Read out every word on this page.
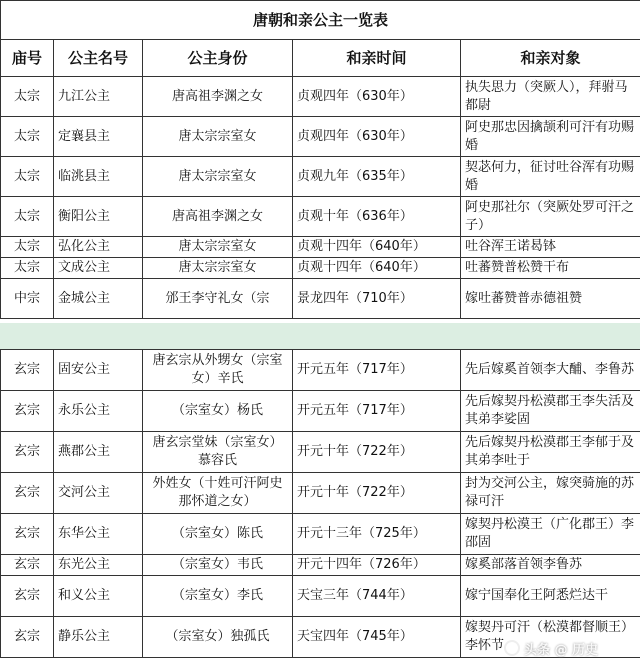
唐朝和亲公主一览表				
庙号	公主名号	公主身份	和亲时间	和亲对象
太宗	九江公主	唐高祖李渊之女	贞观四年（630年）	执失思力（突厥人），拜驸马都尉
太宗	定襄县主	唐太宗宗室女	贞观四年（630年）	阿史那忠因擒颉利可汗有功赐婚
太宗	临洮县主	唐太宗宗室女	贞观九年（635年）	契苾何力，征讨吐谷浑有功赐婚
太宗	衡阳公主	唐高祖李渊之女	贞观十年（636年）	阿史那社尔（突厥处罗可汗之子）
太宗	弘化公主	唐太宗宗室女	贞观十四年（640年）	吐谷浑王诺曷钵
太宗	文成公主	唐太宗宗室女	贞观十四年（640年）	吐蕃赞普松赞干布
中宗	金城公主	邠王李守礼女（宗	景龙四年（710年）	嫁吐蕃赞普赤德祖赞
玄宗	固安公主	唐玄宗从外甥女（宗室女）辛氏	开元五年（717年）	先后嫁奚首领李大酺、李鲁苏
玄宗	永乐公主	（宗室女）杨氏	开元五年（717年）	先后嫁契丹松漠郡王李失活及其弟李娑固
玄宗	燕郡公主	唐玄宗堂妹（宗室女）慕容氏	开元十年（722年）	先后嫁契丹松漠郡王李郁于及其弟李吐于
玄宗	交河公主	外姓女（十姓可汗阿史那怀道之女）	开元十年（722年）	封为交河公主，嫁突骑施的苏禄可汗
玄宗	东华公主	（宗室女）陈氏	开元十三年（725年）	嫁契丹松漠王（广化郡王）李邵固
玄宗	东光公主	（宗室女）韦氏	开元十四年（726年）	嫁奚部落首领李鲁苏
玄宗	和义公主	（宗室女）李氏	天宝三年（744年）	嫁宁国奉化王阿悉烂达干
玄宗	静乐公主	（宗室女）独孤氏	天宝四年（745年）	嫁契丹可汗（松漠都督顺王）李怀节 头条 @ 历史
